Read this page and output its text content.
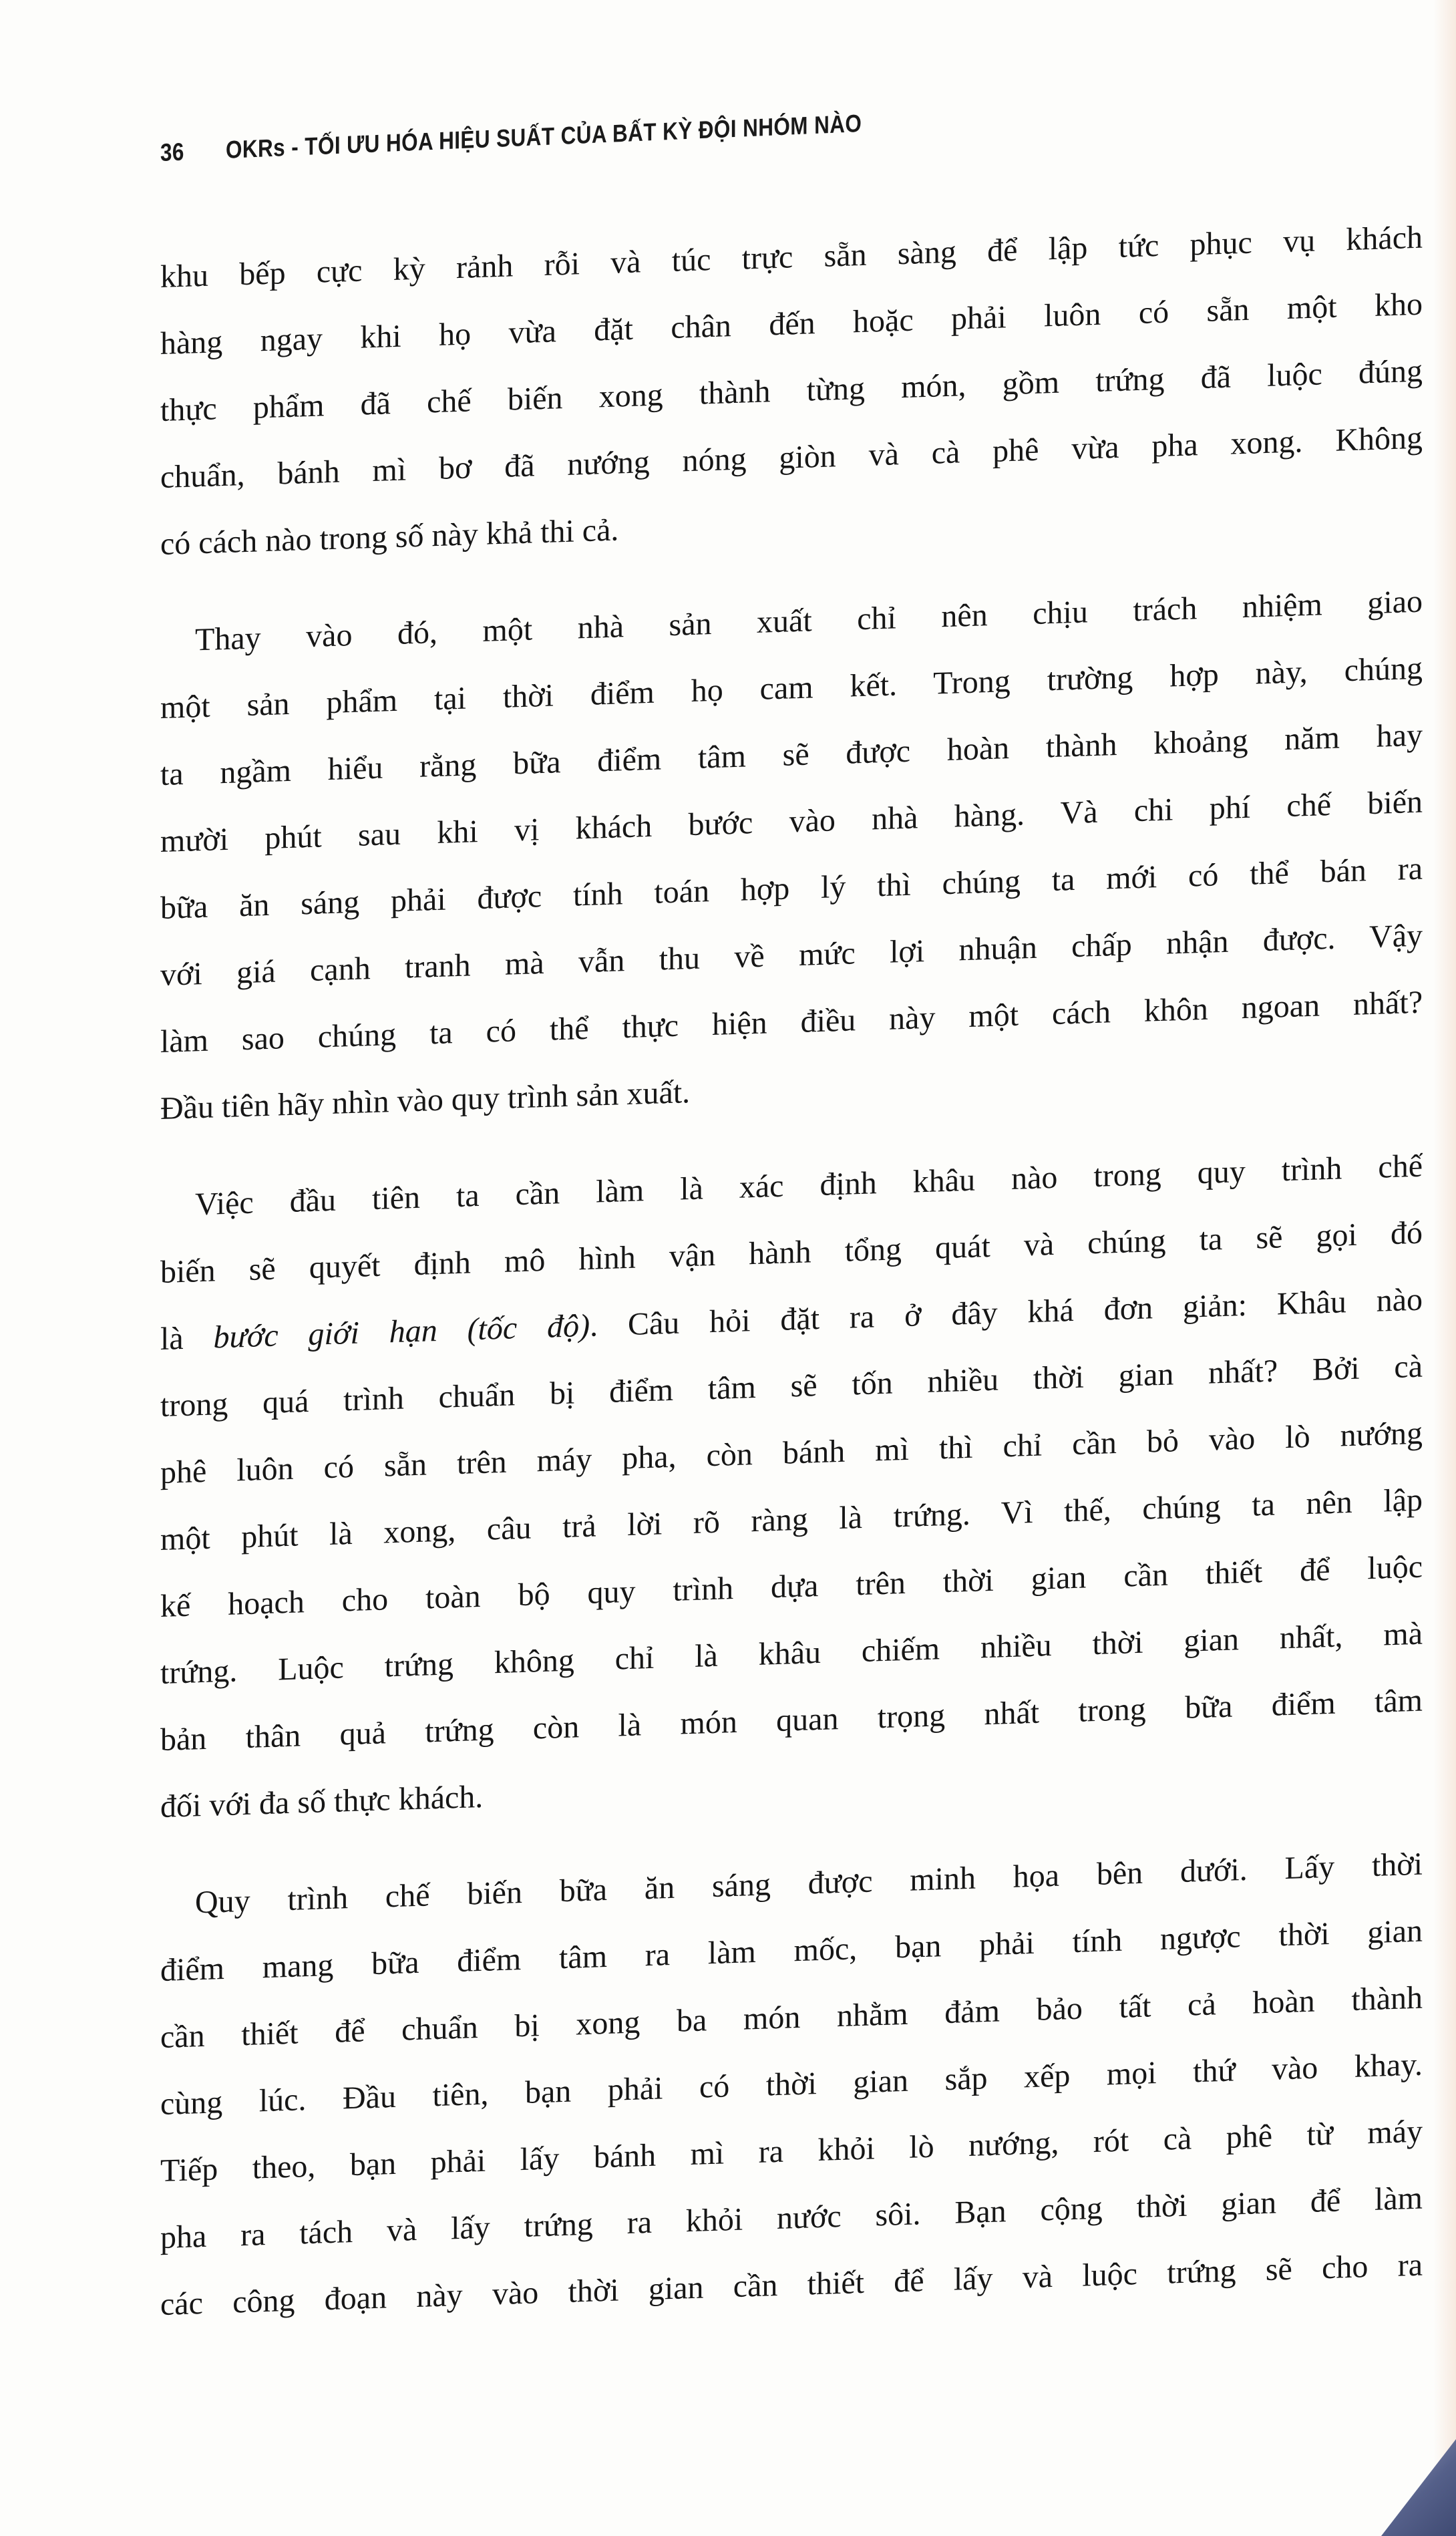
36 OKRs - TỐI ƯU HÓA HIỆU SUẤT CỦA BẤT KỲ ĐỘI NHÓM NÀO
khu bếp cực kỳ rảnh rỗi và túc trực sẵn sàng để lập tức phục vụ khách
hàng ngay khi họ vừa đặt chân đến hoặc phải luôn có sẵn một kho
thực phẩm đã chế biến xong thành từng món, gồm trứng đã luộc đúng
chuẩn, bánh mì bơ đã nướng nóng giòn và cà phê vừa pha xong. Không
có cách nào trong số này khả thi cả.
Thay vào đó, một nhà sản xuất chỉ nên chịu trách nhiệm giao
một sản phẩm tại thời điểm họ cam kết. Trong trường hợp này, chúng
ta ngầm hiểu rằng bữa điểm tâm sẽ được hoàn thành khoảng năm hay
mười phút sau khi vị khách bước vào nhà hàng. Và chi phí chế biến
bữa ăn sáng phải được tính toán hợp lý thì chúng ta mới có thể bán ra
với giá cạnh tranh mà vẫn thu về mức lợi nhuận chấp nhận được. Vậy
làm sao chúng ta có thể thực hiện điều này một cách khôn ngoan nhất?
Đầu tiên hãy nhìn vào quy trình sản xuất.
Việc đầu tiên ta cần làm là xác định khâu nào trong quy trình chế
biến sẽ quyết định mô hình vận hành tổng quát và chúng ta sẽ gọi đó
là bước giới hạn (tốc độ). Câu hỏi đặt ra ở đây khá đơn giản: Khâu nào
trong quá trình chuẩn bị điểm tâm sẽ tốn nhiều thời gian nhất? Bởi cà
phê luôn có sẵn trên máy pha, còn bánh mì thì chỉ cần bỏ vào lò nướng
một phút là xong, câu trả lời rõ ràng là trứng. Vì thế, chúng ta nên lập
kế hoạch cho toàn bộ quy trình dựa trên thời gian cần thiết để luộc
trứng. Luộc trứng không chỉ là khâu chiếm nhiều thời gian nhất, mà
bản thân quả trứng còn là món quan trọng nhất trong bữa điểm tâm
đối với đa số thực khách.
Quy trình chế biến bữa ăn sáng được minh họa bên dưới. Lấy thời
điểm mang bữa điểm tâm ra làm mốc, bạn phải tính ngược thời gian
cần thiết để chuẩn bị xong ba món nhằm đảm bảo tất cả hoàn thành
cùng lúc. Đầu tiên, bạn phải có thời gian sắp xếp mọi thứ vào khay.
Tiếp theo, bạn phải lấy bánh mì ra khỏi lò nướng, rót cà phê từ máy
pha ra tách và lấy trứng ra khỏi nước sôi. Bạn cộng thời gian để làm
các công đoạn này vào thời gian cần thiết để lấy và luộc trứng sẽ cho ra
